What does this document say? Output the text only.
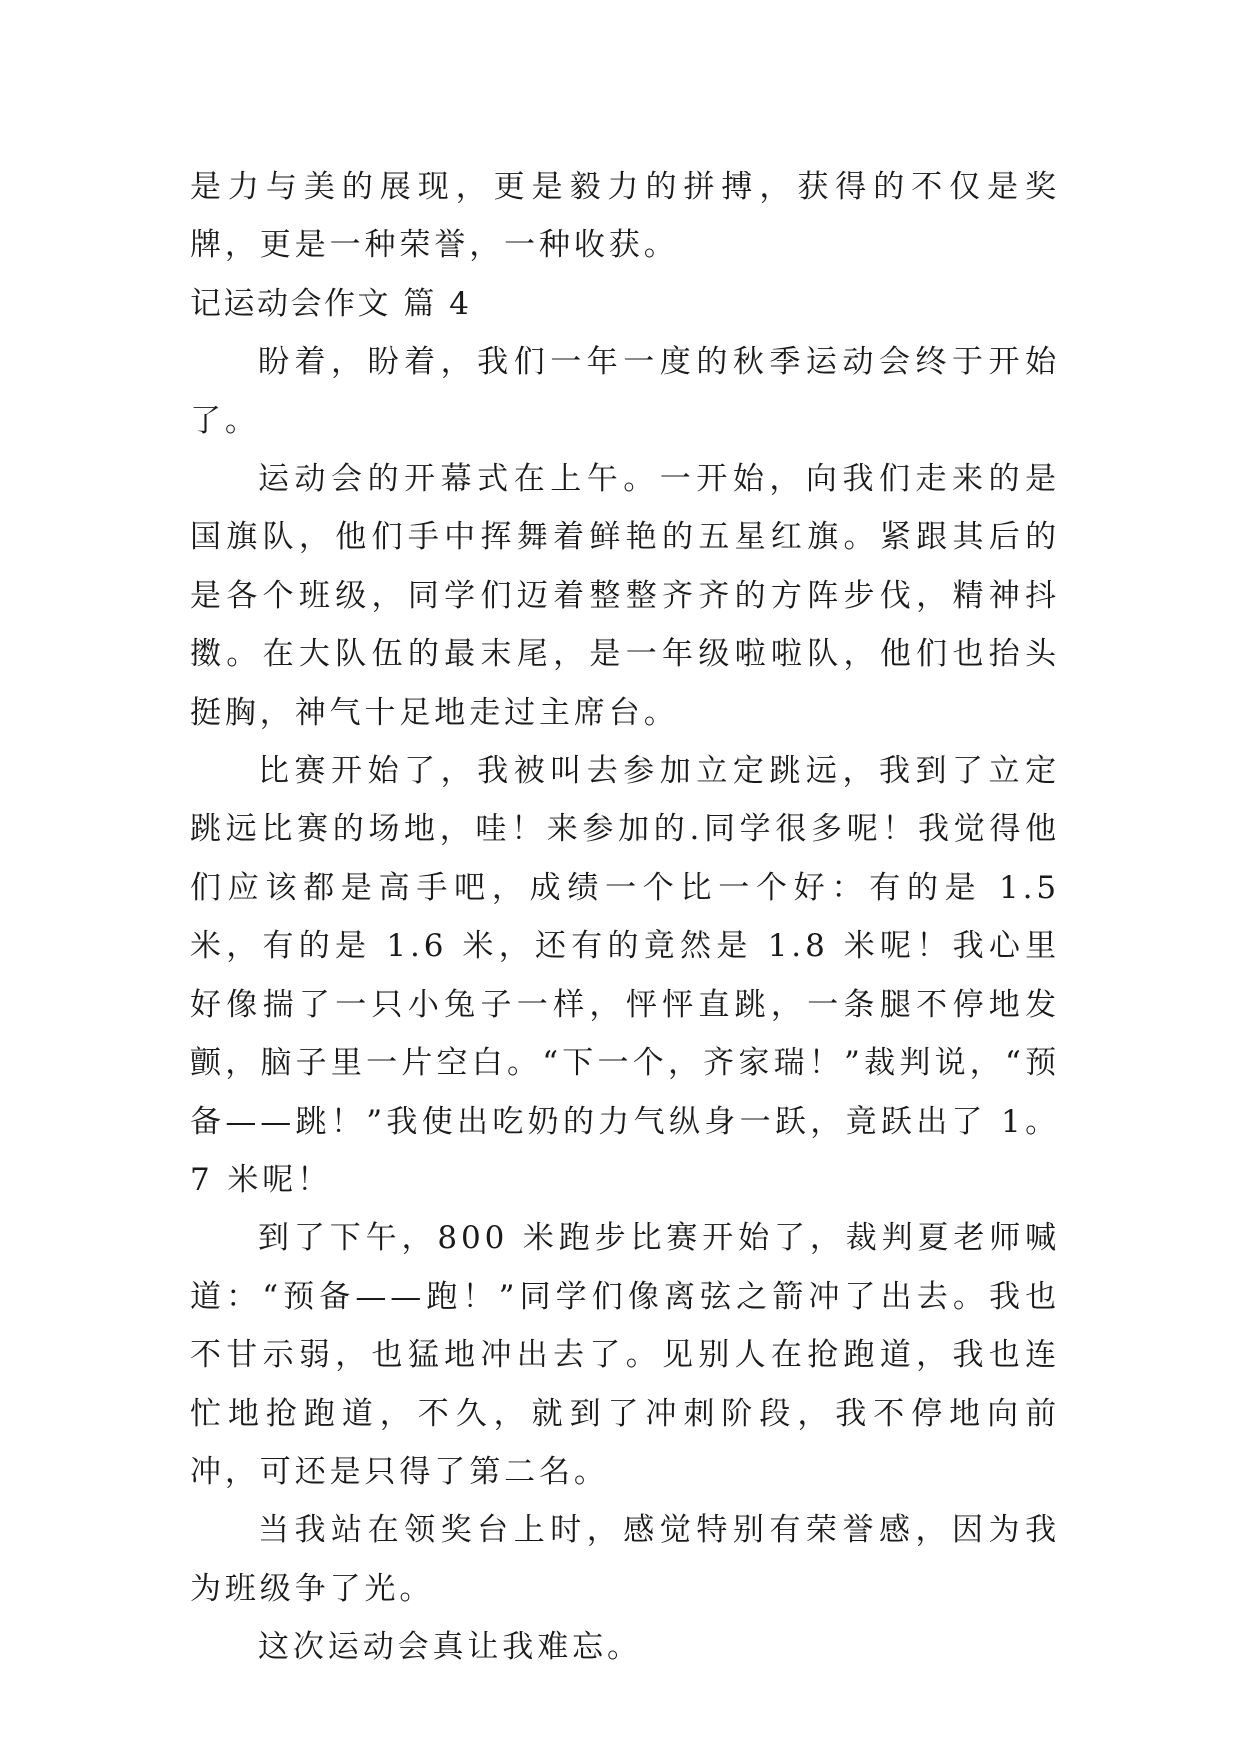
是力与美的展现，更是毅力的拼搏，获得的不仅是奖牌，更是一种荣誉，一种收获。

记运动会作文 篇 4

盼着，盼着，我们一年一度的秋季运动会终于开始了。

运动会的开幕式在上午。一开始，向我们走来的是国旗队，他们手中挥舞着鲜艳的五星红旗。紧跟其后的是各个班级，同学们迈着整整齐齐的方阵步伐，精神抖擞。在大队伍的最末尾，是一年级啦啦队，他们也抬头挺胸，神气十足地走过主席台。

比赛开始了，我被叫去参加立定跳远，我到了立定跳远比赛的场地，哇！来参加的.同学很多呢！我觉得他们应该都是高手吧，成绩一个比一个好：有的是 1.5 米，有的是 1.6 米，还有的竟然是 1.8 米呢！我心里好像揣了一只小兔子一样，怦怦直跳，一条腿不停地发颤，脑子里一片空白。“下一个，齐家瑞！”裁判说，“预备——跳！”我使出吃奶的力气纵身一跃，竟跃出了 1。7 米呢！

到了下午，800 米跑步比赛开始了，裁判夏老师喊道：“预备——跑！”同学们像离弦之箭冲了出去。我也不甘示弱，也猛地冲出去了。见别人在抢跑道，我也连忙地抢跑道，不久，就到了冲刺阶段，我不停地向前冲，可还是只得了第二名。

当我站在领奖台上时，感觉特别有荣誉感，因为我为班级争了光。

这次运动会真让我难忘。
